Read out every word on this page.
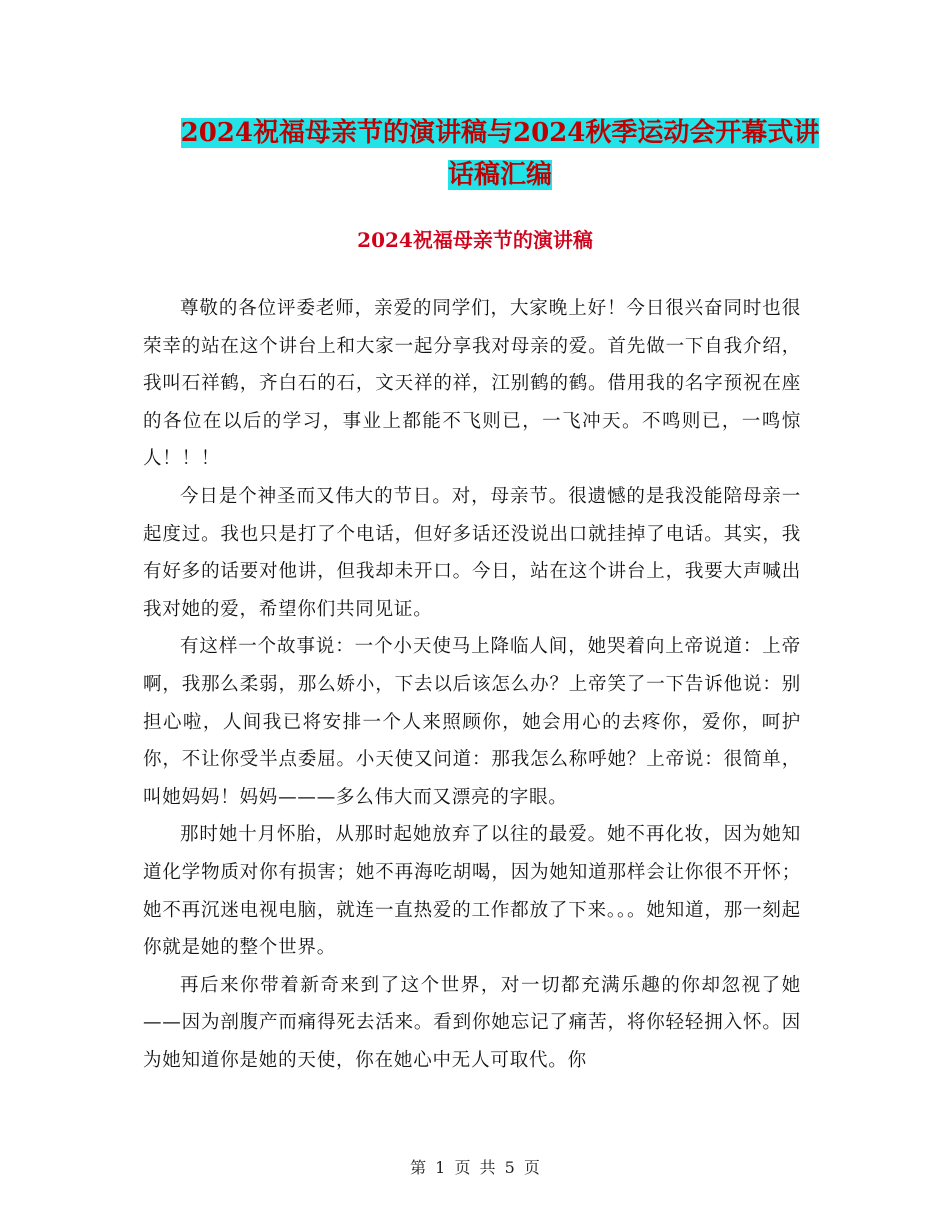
2024祝福母亲节的演讲稿与2024秋季运动会开幕式讲
话稿汇编
2024祝福母亲节的演讲稿

尊敬的各位评委老师，亲爱的同学们，大家晚上好！今日很兴奋同时也很荣幸的站在这个讲台上和大家一起分享我对母亲的爱。首先做一下自我介绍，我叫石祥鹤，齐白石的石，文天祥的祥，江别鹤的鹤。借用我的名字预祝在座的各位在以后的学习，事业上都能不飞则已，一飞冲天。不鸣则已，一鸣惊人！！！

今日是个神圣而又伟大的节日。对，母亲节。很遗憾的是我没能陪母亲一起度过。我也只是打了个电话，但好多话还没说出口就挂掉了电话。其实，我有好多的话要对他讲，但我却未开口。今日，站在这个讲台上，我要大声喊出我对她的爱，希望你们共同见证。

有这样一个故事说：一个小天使马上降临人间，她哭着向上帝说道：上帝啊，我那么柔弱，那么娇小，下去以后该怎么办？上帝笑了一下告诉他说：别担心啦，人间我已将安排一个人来照顾你，她会用心的去疼你，爱你，呵护你，不让你受半点委屈。小天使又问道：那我怎么称呼她？上帝说：很简单，叫她妈妈！妈妈———多么伟大而又漂亮的字眼。

那时她十月怀胎，从那时起她放弃了以往的最爱。她不再化妆，因为她知道化学物质对你有损害；她不再海吃胡喝，因为她知道那样会让你很不开怀；她不再沉迷电视电脑，就连一直热爱的工作都放了下来。。。她知道，那一刻起你就是她的整个世界。

再后来你带着新奇来到了这个世界，对一切都充满乐趣的你却忽视了她——因为剖腹产而痛得死去活来。看到你她忘记了痛苦，将你轻轻拥入怀。因为她知道你是她的天使，你在她心中无人可取代。你

第 1 页 共 5 页
